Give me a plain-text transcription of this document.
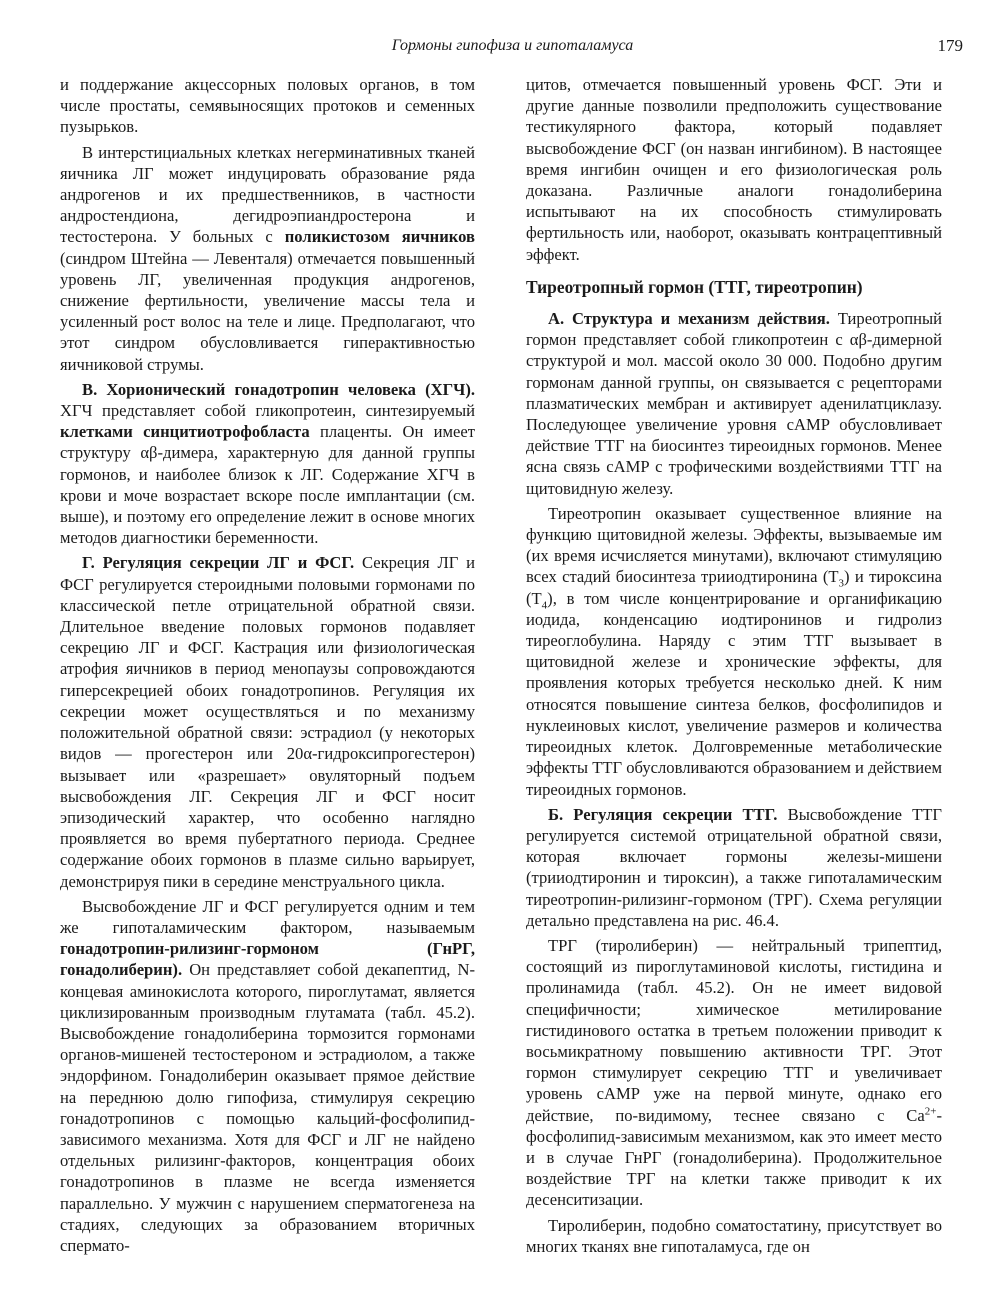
Гормоны гипофиза и гипоталамуса	179

и поддержание акцессорных половых органов, в том числе простаты, семявыносящих протоков и семенных пузырьков.

В интерстициальных клетках негерминативных тканей яичника ЛГ может индуцировать образование ряда андрогенов и их предшественников, в частности андростендиона, дегидроэпиандростерона и тестостерона. У больных с поликистозом яичников (синдром Штейна — Левенталя) отмечается повышенный уровень ЛГ, увеличенная продукция андрогенов, снижение фертильности, увеличение массы тела и усиленный рост волос на теле и лице. Предполагают, что этот синдром обусловливается гиперактивностью яичниковой струмы.

В. Хорионический гонадотропин человека (ХГЧ). ХГЧ представляет собой гликопротеин, синтезируемый клетками синцитиотрофобласта плаценты. Он имеет структуру αβ-димера, характерную для данной группы гормонов, и наиболее близок к ЛГ. Содержание ХГЧ в крови и моче возрастает вскоре после имплантации (см. выше), и поэтому его определение лежит в основе многих методов диагностики беременности.

Г. Регуляция секреции ЛГ и ФСГ. Секреция ЛГ и ФСГ регулируется стероидными половыми гормонами по классической петле отрицательной обратной связи. Длительное введение половых гормонов подавляет секрецию ЛГ и ФСГ. Кастрация или физиологическая атрофия яичников в период менопаузы сопровождаются гиперсекрецией обоих гонадотропинов. Регуляция их секреции может осуществляться и по механизму положительной обратной связи: эстрадиол (у некоторых видов — прогестерон или 20α-гидроксипрогестерон) вызывает или «разрешает» овуляторный подъем высвобождения ЛГ. Секреция ЛГ и ФСГ носит эпизодический характер, что особенно наглядно проявляется во время пубертатного периода. Среднее содержание обоих гормонов в плазме сильно варьирует, демонстрируя пики в середине менструального цикла.

Высвобождение ЛГ и ФСГ регулируется одним и тем же гипоталамическим фактором, называемым гонадотропин-рилизинг-гормоном (ГнРГ, гонадолиберин). Он представляет собой декапептид, N-концевая аминокислота которого, пироглутамат, является циклизированным производным глутамата (табл. 45.2). Высвобождение гонадолиберина тормозится гормонами органов-мишеней тестостероном и эстрадиолом, а также эндорфином. Гонадолиберин оказывает прямое действие на переднюю долю гипофиза, стимулируя секрецию гонадотропинов с помощью кальций-фосфолипид-зависимого механизма. Хотя для ФСГ и ЛГ не найдено отдельных рилизинг-факторов, концентрация обоих гонадотропинов в плазме не всегда изменяется параллельно. У мужчин с нарушением сперматогенеза на стадиях, следующих за образованием вторичных спермато-

цитов, отмечается повышенный уровень ФСГ. Эти и другие данные позволили предположить существование тестикулярного фактора, который подавляет высвобождение ФСГ (он назван ингибином). В настоящее время ингибин очищен и его физиологическая роль доказана. Различные аналоги гонадолиберина испытывают на их способность стимулировать фертильность или, наоборот, оказывать контрацептивный эффект.

Тиреотропный гормон (ТТГ, тиреотропин)

А. Структура и механизм действия. Тиреотропный гормон представляет собой гликопротеин с αβ-димерной структурой и мол. массой около 30 000. Подобно другим гормонам данной группы, он связывается с рецепторами плазматических мембран и активирует аденилатциклазу. Последующее увеличение уровня cAMP обусловливает действие ТТГ на биосинтез тиреоидных гормонов. Менее ясна связь cAMP с трофическими воздействиями ТТГ на щитовидную железу.

Тиреотропин оказывает существенное влияние на функцию щитовидной железы. Эффекты, вызываемые им (их время исчисляется минутами), включают стимуляцию всех стадий биосинтеза трииодтиронина $(T_3)$ и тироксина $(T_4)$, в том числе концентрирование и органификацию иодида, конденсацию иодтиронинов и гидролиз тиреоглобулина. Наряду с этим ТТГ вызывает в щитовидной железе и хронические эффекты, для проявления которых требуется несколько дней. К ним относятся повышение синтеза белков, фосфолипидов и нуклеиновых кислот, увеличение размеров и количества тиреоидных клеток. Долговременные метаболические эффекты ТТГ обусловливаются образованием и действием тиреоидных гормонов.

Б. Регуляция секреции ТТГ. Высвобождение ТТГ регулируется системой отрицательной обратной связи, которая включает гормоны железы-мишени (трииодтиронин и тироксин), а также гипоталамическим тиреотропин-рилизинг-гормоном (ТРГ). Схема регуляции детально представлена на рис. 46.4.

ТРГ (тиролиберин) — нейтральный трипептид, состоящий из пироглутаминовой кислоты, гистидина и пролинамида (табл. 45.2). Он не имеет видовой специфичности; химическое метилирование гистидинового остатка в третьем положении приводит к восьмикратному повышению активности ТРГ. Этот гормон стимулирует секрецию ТТГ и увеличивает уровень cAMP уже на первой минуте, однако его действие, по-видимому, теснее связано с $Ca^{2+}-фосфолипид$-зависимым механизмом, как это имеет место и в случае ГнРГ (гонадолиберина). Продолжительное воздействие ТРГ на клетки также приводит к их десенситизации.

Тиролиберин, подобно соматостатину, присутствует во многих тканях вне гипоталамуса, где он
